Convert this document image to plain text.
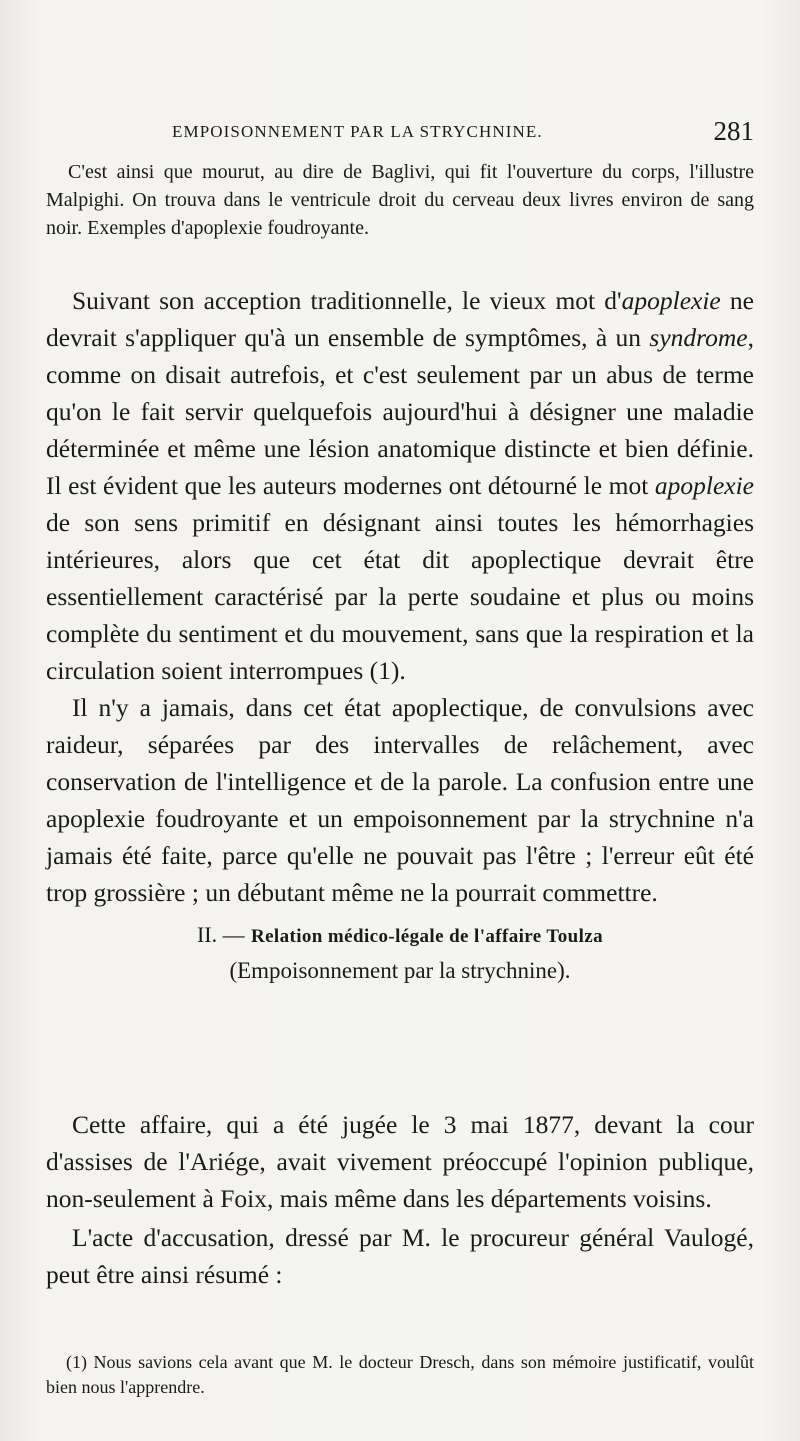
EMPOISONNEMENT PAR LA STRYCHNINE.	281

C'est ainsi que mourut, au dire de Baglivi, qui fit l'ouverture du corps, l'illustre Malpighi. On trouva dans le ventricule droit du cerveau deux livres environ de sang noir. Exemples d'apoplexie foudroyante.

Suivant son acception traditionnelle, le vieux mot d'apoplexie ne devrait s'appliquer qu'à un ensemble de symptômes, à un syndrome, comme on disait autrefois, et c'est seulement par un abus de terme qu'on le fait servir quelquefois aujourd'hui à désigner une maladie déterminée et même une lésion anatomique distincte et bien définie. Il est évident que les auteurs modernes ont détourné le mot apoplexie de son sens primitif en désignant ainsi toutes les hémorrhagies intérieures, alors que cet état dit apoplectique devrait être essentiellement caractérisé par la perte soudaine et plus ou moins complète du sentiment et du mouvement, sans que la respiration et la circulation soient interrompues (1).

Il n'y a jamais, dans cet état apoplectique, de convulsions avec raideur, séparées par des intervalles de relâchement, avec conservation de l'intelligence et de la parole. La confusion entre une apoplexie foudroyante et un empoisonnement par la strychnine n'a jamais été faite, parce qu'elle ne pouvait pas l'être ; l'erreur eût été trop grossière ; un débutant même ne la pourrait commettre.

II. — Relation médico-légale de l'affaire Toulza
(Empoisonnement par la strychnine).

Cette affaire, qui a été jugée le 3 mai 1877, devant la cour d'assises de l'Ariége, avait vivement préoccupé l'opinion publique, non-seulement à Foix, mais même dans les départements voisins.

L'acte d'accusation, dressé par M. le procureur général Vaulogé, peut être ainsi résumé :

(1) Nous savions cela avant que M. le docteur Dresch, dans son mémoire justificatif, voulût bien nous l'apprendre.
